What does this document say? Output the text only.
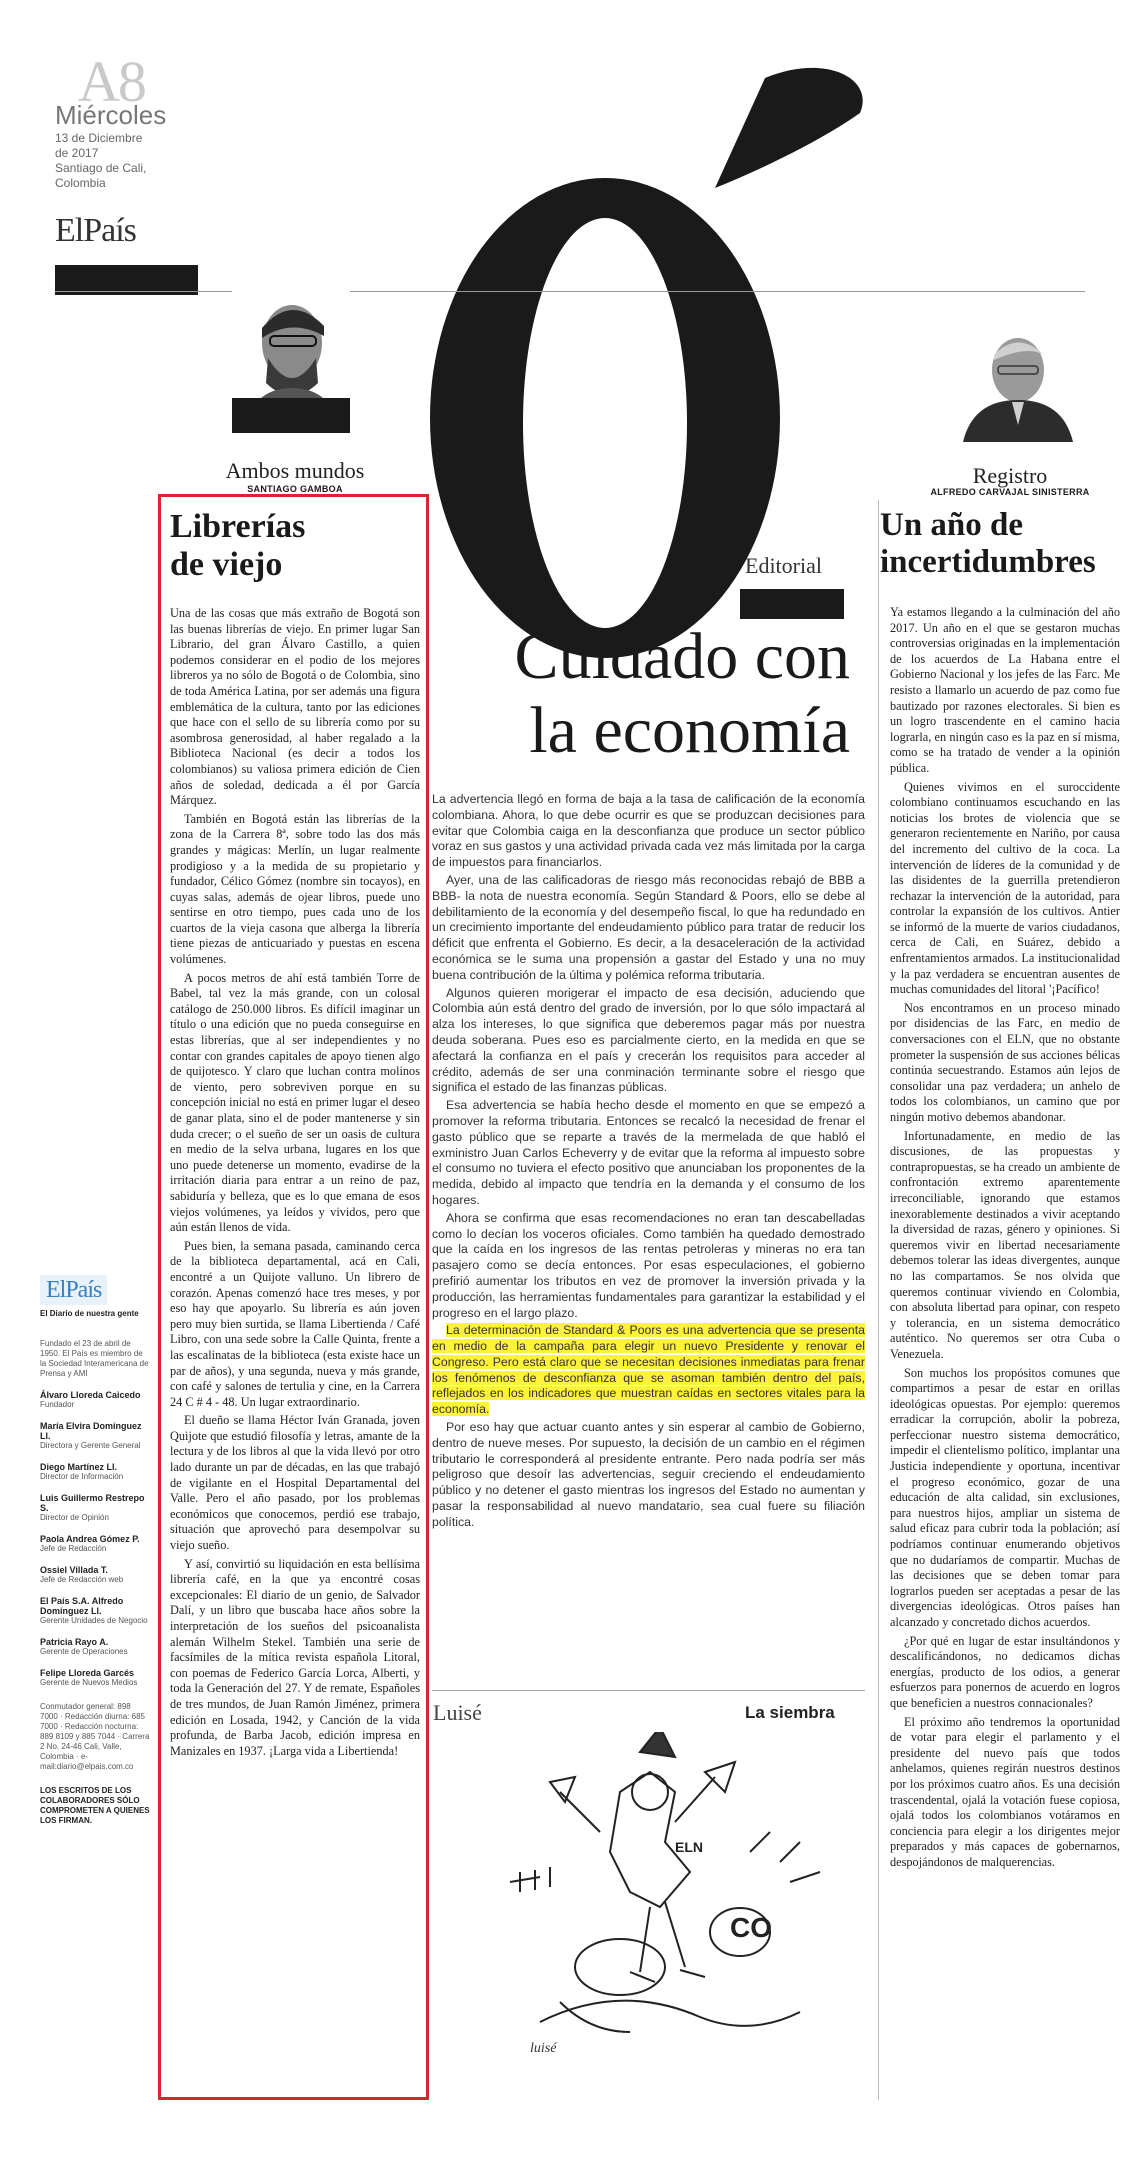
A8
Miércoles
13 de Diciembre
de 2017
Santiago de Cali,
Colombia
ElPaís
Ambos mundos
SANTIAGO GAMBOA
Registro
ALFREDO CARVAJAL SINISTERRA
Librerías
de viejo

Una de las cosas que más extraño de Bogotá son las buenas librerías de viejo. En primer lugar San Librario, del gran Álvaro Castillo, a quien podemos considerar en el podio de los mejores libreros ya no sólo de Bogotá o de Colombia, sino de toda América Latina, por ser además una figura emblemática de la cultura, tanto por las ediciones que hace con el sello de su librería como por su asombrosa generosidad, al haber regalado a la Biblioteca Nacional (es decir a todos los colombianos) su valiosa primera edición de Cien años de soledad, dedicada a él por García Márquez.

También en Bogotá están las librerías de la zona de la Carrera 8ª, sobre todo las dos más grandes y mágicas: Merlín, un lugar realmente prodigioso y a la medida de su propietario y fundador, Célico Gómez (nombre sin tocayos), en cuyas salas, además de ojear libros, puede uno sentirse en otro tiempo, pues cada uno de los cuartos de la vieja casona que alberga la librería tiene piezas de anticuariado y puestas en escena volúmenes.

A pocos metros de ahí está también Torre de Babel, tal vez la más grande, con un colosal catálogo de 250.000 libros. Es difícil imaginar un título o una edición que no pueda conseguirse en estas librerías, que al ser independientes y no contar con grandes capitales de apoyo tienen algo de quijotesco. Y claro que luchan contra molinos de viento, pero sobreviven porque en su concepción inicial no está en primer lugar el deseo de ganar plata, sino el de poder mantenerse y sin duda crecer; o el sueño de ser un oasis de cultura en medio de la selva urbana, lugares en los que uno puede detenerse un momento, evadirse de la irritación diaria para entrar a un reino de paz, sabiduría y belleza, que es lo que emana de esos viejos volúmenes, ya leídos y vividos, pero que aún están llenos de vida.

Pues bien, la semana pasada, caminando cerca de la biblioteca departamental, acá en Cali, encontré a un Quijote valluno. Un librero de corazón. Apenas comenzó hace tres meses, y por eso hay que apoyarlo. Su librería es aún joven pero muy bien surtida, se llama Libertienda / Café Libro, con una sede sobre la Calle Quinta, frente a las escalinatas de la biblioteca (esta existe hace un par de años), y una segunda, nueva y más grande, con café y salones de tertulia y cine, en la Carrera 24 C # 4 - 48. Un lugar extraordinario.

El dueño se llama Héctor Iván Granada, joven Quijote que estudió filosofía y letras, amante de la lectura y de los libros al que la vida llevó por otro lado durante un par de décadas, en las que trabajó de vigilante en el Hospital Departamental del Valle. Pero el año pasado, por los problemas económicos que conocemos, perdió ese trabajo, situación que aprovechó para desempolvar su viejo sueño.

Y así, convirtió su liquidación en esta bellísima librería café, en la que ya encontré cosas excepcionales: El diario de un genio, de Salvador Dalí, y un libro que buscaba hace años sobre la interpretación de los sueños del psicoanalista alemán Wilhelm Stekel. También una serie de facsímiles de la mítica revista española Litoral, con poemas de Federico García Lorca, Alberti, y toda la Generación del 27. Y de remate, Españoles de tres mundos, de Juan Ramón Jiménez, primera edición en Losada, 1942, y Canción de la vida profunda, de Barba Jacob, edición impresa en Manizales en 1937. ¡Larga vida a Libertienda!

ElPaís
El Diario de nuestra gente
Fundado el 23 de abril de 1950. El País es miembro de la Sociedad Interamericana de Prensa y AMI
Álvaro Lloreda Caicedo
Fundador
María Elvira Domínguez Ll.
Directora y Gerente General
Diego Martínez Ll.
Director de Información
Luis Guillermo Restrepo S.
Director de Opinión
Paola Andrea Gómez P.
Jefe de Redacción
Ossiel Villada T.
Jefe de Redacción web
El País S.A. Alfredo Domínguez Ll.
Gerente Unidades de Negocio
Patricia Rayo A.
Gerente de Operaciones
Felipe Lloreda Garcés
Gerente de Nuevos Medios
Conmutador general: 898 7000 · Redacción diurna: 685 7000 · Redacción nocturna: 889 8109 y 885 7044 · Carrera 2 No. 24-46 Cali, Valle, Colombia · e-mail:diario@elpais.com.co
LOS ESCRITOS DE LOS COLABORADORES SÓLO COMPROMETEN A QUIENES LOS FIRMAN.
Editorial
Cuidado con
la economía

La advertencia llegó en forma de baja a la tasa de calificación de la economía colombiana. Ahora, lo que debe ocurrir es que se produzcan decisiones para evitar que Colombia caiga en la desconfianza que produce un sector público voraz en sus gastos y una actividad privada cada vez más limitada por la carga de impuestos para financiarlos.

Ayer, una de las calificadoras de riesgo más reconocidas rebajó de BBB a BBB- la nota de nuestra economía. Según Standard & Poors, ello se debe al debilitamiento de la economía y del desempeño fiscal, lo que ha redundado en un crecimiento importante del endeudamiento público para tratar de reducir los déficit que enfrenta el Gobierno. Es decir, a la desaceleración de la actividad económica se le suma una propensión a gastar del Estado y una no muy buena contribución de la última y polémica reforma tributaria.

Algunos quieren morigerar el impacto de esa decisión, aduciendo que Colombia aún está dentro del grado de inversión, por lo que sólo impactará al alza los intereses, lo que significa que deberemos pagar más por nuestra deuda soberana. Pues eso es parcialmente cierto, en la medida en que se afectará la confianza en el país y crecerán los requisitos para acceder al crédito, además de ser una conminación terminante sobre el riesgo que significa el estado de las finanzas públicas.

Esa advertencia se había hecho desde el momento en que se empezó a promover la reforma tributaria. Entonces se recalcó la necesidad de frenar el gasto público que se reparte a través de la mermelada de que habló el exministro Juan Carlos Echeverry y de evitar que la reforma al impuesto sobre el consumo no tuviera el efecto positivo que anunciaban los proponentes de la medida, debido al impacto que tendría en la demanda y el consumo de los hogares.

Ahora se confirma que esas recomendaciones no eran tan descabelladas como lo decían los voceros oficiales. Como también ha quedado demostrado que la caída en los ingresos de las rentas petroleras y mineras no era tan pasajero como se decía entonces. Por esas especulaciones, el gobierno prefirió aumentar los tributos en vez de promover la inversión privada y la producción, las herramientas fundamentales para garantizar la estabilidad y el progreso en el largo plazo.

La determinación de Standard & Poors es una advertencia que se presenta en medio de la campaña para elegir un nuevo Presidente y renovar el Congreso. Pero está claro que se necesitan decisiones inmediatas para frenar los fenómenos de desconfianza que se asoman también dentro del país, reflejados en los indicadores que muestran caídas en sectores vitales para la economía.

Por eso hay que actuar cuanto antes y sin esperar al cambio de Gobierno, dentro de nueve meses. Por supuesto, la decisión de un cambio en el régimen tributario le corresponderá al presidente entrante. Pero nada podría ser más peligroso que desoír las advertencias, seguir creciendo el endeudamiento público y no detener el gasto mientras los ingresos del Estado no aumentan y pasar la responsabilidad al nuevo mandatario, sea cual fuere su filiación política.

Luisé	La siembra
ELN
CO
luisé
Un año de
incertidumbres

Ya estamos llegando a la culminación del año 2017. Un año en el que se gestaron muchas controversias originadas en la implementación de los acuerdos de La Habana entre el Gobierno Nacional y los jefes de las Farc. Me resisto a llamarlo un acuerdo de paz como fue bautizado por razones electorales. Si bien es un logro trascendente en el camino hacia lograrla, en ningún caso es la paz en sí misma, como se ha tratado de vender a la opinión pública.

Quienes vivimos en el suroccidente colombiano continuamos escuchando en las noticias los brotes de violencia que se generaron recientemente en Nariño, por causa del incremento del cultivo de la coca. La intervención de líderes de la comunidad y de las disidentes de la guerrilla pretendieron rechazar la intervención de la autoridad, para controlar la expansión de los cultivos. Antier se informó de la muerte de varios ciudadanos, cerca de Cali, en Suárez, debido a enfrentamientos armados. La institucionalidad y la paz verdadera se encuentran ausentes de muchas comunidades del litoral '¡Pacífico!

Nos encontramos en un proceso minado por disidencias de las Farc, en medio de conversaciones con el ELN, que no obstante prometer la suspensión de sus acciones bélicas continúa secuestrando. Estamos aún lejos de consolidar una paz verdadera; un anhelo de todos los colombianos, un camino que por ningún motivo debemos abandonar.

Infortunadamente, en medio de las discusiones, de las propuestas y contrapropuestas, se ha creado un ambiente de confrontación extremo aparentemente irreconciliable, ignorando que estamos inexorablemente destinados a vivir aceptando la diversidad de razas, género y opiniones. Si queremos vivir en libertad necesariamente debemos tolerar las ideas divergentes, aunque no las compartamos. Se nos olvida que queremos continuar viviendo en Colombia, con absoluta libertad para opinar, con respeto y tolerancia, en un sistema democrático auténtico. No queremos ser otra Cuba o Venezuela.

Son muchos los propósitos comunes que compartimos a pesar de estar en orillas ideológicas opuestas. Por ejemplo: queremos erradicar la corrupción, abolir la pobreza, perfeccionar nuestro sistema democrático, impedir el clientelismo político, implantar una Justicia independiente y oportuna, incentivar el progreso económico, gozar de una educación de alta calidad, sin exclusiones, para nuestros hijos, ampliar un sistema de salud eficaz para cubrir toda la población; así podríamos continuar enumerando objetivos que no dudaríamos de compartir. Muchas de las decisiones que se deben tomar para lograrlos pueden ser aceptadas a pesar de las divergencias ideológicas. Otros países han alcanzado y concretado dichos acuerdos.

¿Por qué en lugar de estar insultándonos y descalificándonos, no dedicamos dichas energías, producto de los odios, a generar esfuerzos para ponernos de acuerdo en logros que beneficien a nuestros connacionales?

El próximo año tendremos la oportunidad de votar para elegir el parlamento y el presidente del nuevo país que todos anhelamos, quienes regirán nuestros destinos por los próximos cuatro años. Es una decisión trascendental, ojalá la votación fuese copiosa, ojalá todos los colombianos votáramos en conciencia para elegir a los dirigentes mejor preparados y más capaces de gobernarnos, despojándonos de malquerencias.
